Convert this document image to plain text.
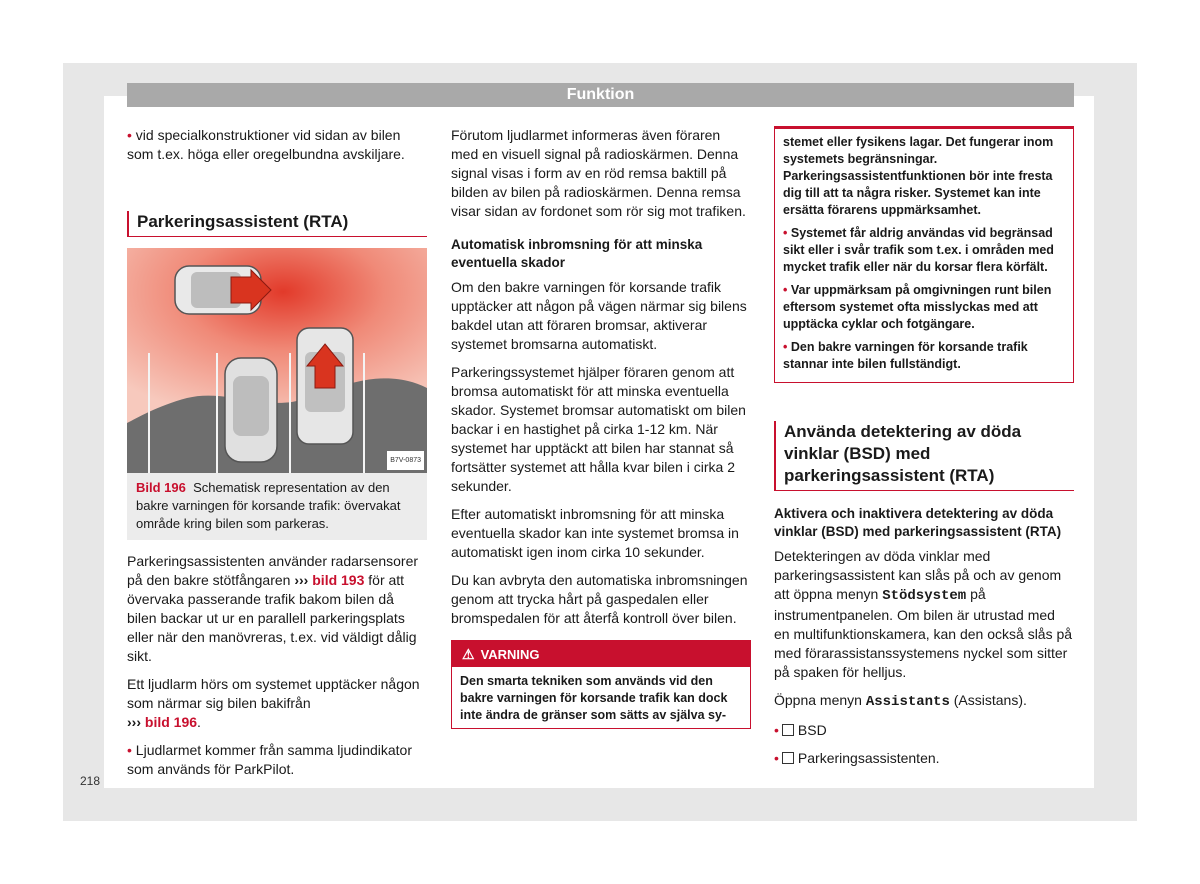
Funktion

• vid specialkonstruktioner vid sidan av bilen som t.ex. höga eller oregelbundna avskiljare.

Parkeringsassistent (RTA)
B7V-0873
Bild 196 Schematisk representation av den bakre varningen för korsande trafik: övervakat område kring bilen som parkeras.

Parkeringsassistenten använder radarsensorer på den bakre stötfångaren ››› bild 193 för att övervaka passerande trafik bakom bilen då bilen backar ut ur en parallell parkeringsplats eller när den manövreras, t.ex. vid väldigt dålig sikt.

Ett ljudlarm hörs om systemet upptäcker någon som närmar sig bilen bakifrån
››› bild 196.

• Ljudlarmet kommer från samma ljudindikator som används för ParkPilot.

Förutom ljudlarmet informeras även föraren med en visuell signal på radioskärmen. Denna signal visas i form av en röd remsa baktill på bilden av bilen på radioskärmen. Denna remsa visar sidan av fordonet som rör sig mot trafiken.

Automatisk inbromsning för att minska eventuella skador

Om den bakre varningen för korsande trafik upptäcker att någon på vägen närmar sig bilens bakdel utan att föraren bromsar, aktiverar systemet bromsarna automatiskt.

Parkeringssystemet hjälper föraren genom att bromsa automatiskt för att minska eventuella skador. Systemet bromsar automatiskt om bilen backar i en hastighet på cirka 1-12 km. När systemet har upptäckt att bilen har stannat så fortsätter systemet att hålla kvar bilen i cirka 2 sekunder.

Efter automatiskt inbromsning för att minska eventuella skador kan inte systemet bromsa in automatiskt igen inom cirka 10 sekunder.

Du kan avbryta den automatiska inbromsningen genom att trycka hårt på gaspedalen eller bromspedalen för att återfå kontroll över bilen.

⚠ VARNING
Den smarta tekniken som används vid den bakre varningen för korsande trafik kan dock inte ändra de gränser som sätts av själva sy-

stemet eller fysikens lagar. Det fungerar inom systemets begränsningar. Parkeringsassistentfunktionen bör inte fresta dig till att ta några risker. Systemet kan inte ersätta förarens uppmärksamhet.

• Systemet får aldrig användas vid begränsad sikt eller i svår trafik som t.ex. i områden med mycket trafik eller när du korsar flera körfält.

• Var uppmärksam på omgivningen runt bilen eftersom systemet ofta misslyckas med att upptäcka cyklar och fotgängare.

• Den bakre varningen för korsande trafik stannar inte bilen fullständigt.

Använda detektering av döda vinklar (BSD) med parkeringsassistent (RTA)
Aktivera och inaktivera detektering av döda vinklar (BSD) med parkeringsassistent (RTA)

Detekteringen av döda vinklar med parkeringsassistent kan slås på och av genom att öppna menyn Stödsystem på instrumentpanelen. Om bilen är utrustad med en multifunktionskamera, kan den också slås på med förarassistanssystemens nyckel som sitter på spaken för helljus.

Öppna menyn Assistants (Assistans).

• BSD

• Parkeringsassistenten.

218
